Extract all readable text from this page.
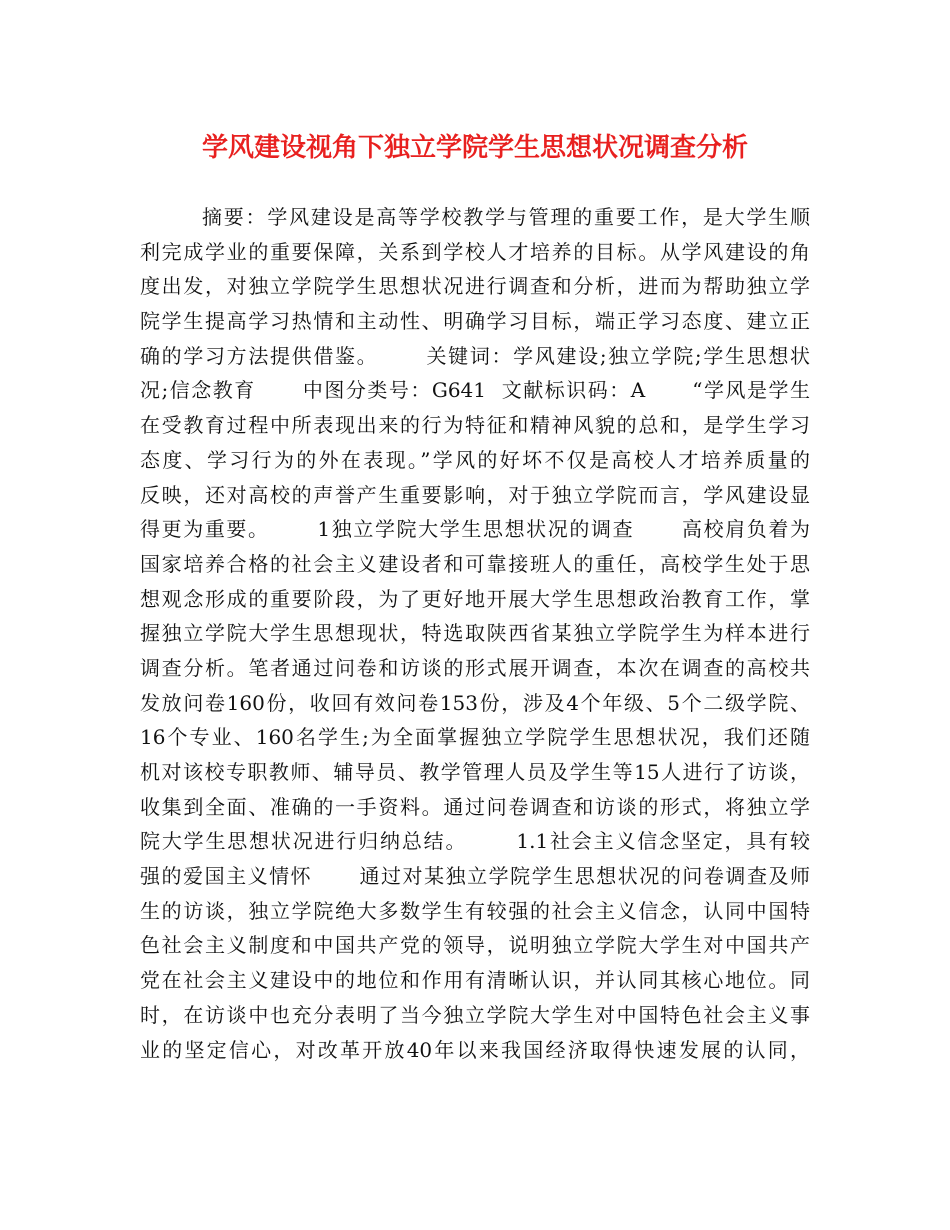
学风建设视角下独立学院学生思想状况调查分析
摘要：学风建设是高等学校教学与管理的重要工作，是大学生顺
利完成学业的重要保障，关系到学校人才培养的目标。从学风建设的角
度出发，对独立学院学生思想状况进行调查和分析，进而为帮助独立学
院学生提高学习热情和主动性、明确学习目标，端正学习态度、建立正
确的学习方法提供借鉴。      关键词：学风建设;独立学院;学生思想状
况;信念教育      中图分类号：G641  文献标识码：A      “学风是学生
在受教育过程中所表现出来的行为特征和精神风貌的总和，是学生学习
态度、学习行为的外在表现。”学风的好坏不仅是高校人才培养质量的
反映，还对高校的声誉产生重要影响，对于独立学院而言，学风建设显
得更为重要。      1独立学院大学生思想状况的调查      高校肩负着为
国家培养合格的社会主义建设者和可靠接班人的重任，高校学生处于思
想观念形成的重要阶段，为了更好地开展大学生思想政治教育工作，掌
握独立学院大学生思想现状，特选取陕西省某独立学院学生为样本进行
调查分析。笔者通过问卷和访谈的形式展开调查，本次在调查的高校共
发放问卷160份，收回有效问卷153份，涉及4个年级、5个二级学院、
16个专业、160名学生;为全面掌握独立学院学生思想状况，我们还随
机对该校专职教师、辅导员、教学管理人员及学生等15人进行了访谈，
收集到全面、准确的一手资料。通过问卷调查和访谈的形式，将独立学
院大学生思想状况进行归纳总结。      1.1社会主义信念坚定，具有较
强的爱国主义情怀      通过对某独立学院学生思想状况的问卷调查及师
生的访谈，独立学院绝大多数学生有较强的社会主义信念，认同中国特
色社会主义制度和中国共产党的领导，说明独立学院大学生对中国共产
党在社会主义建设中的地位和作用有清晰认识，并认同其核心地位。同
时，在访谈中也充分表明了当今独立学院大学生对中国特色社会主义事
业的坚定信心，对改革开放40年以来我国经济取得快速发展的认同，
